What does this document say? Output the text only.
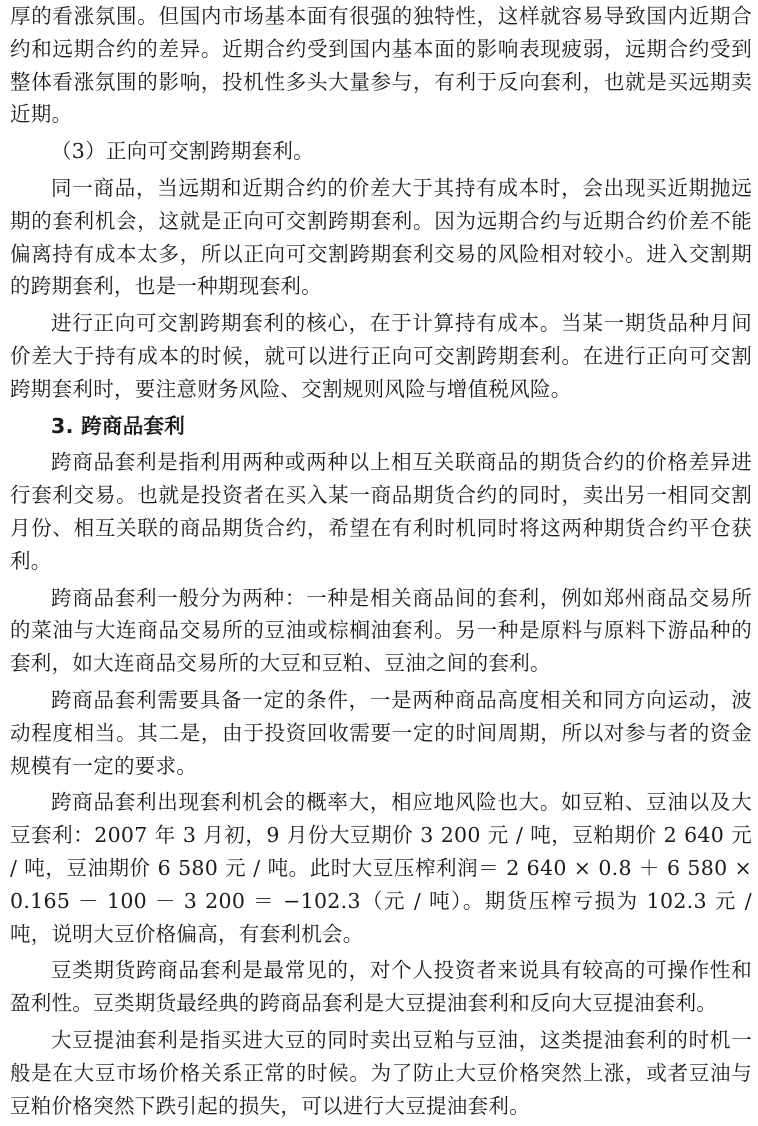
厚的看涨氛围。但国内市场基本面有很强的独特性，这样就容易导致国内近期合约和远期合约的差异。近期合约受到国内基本面的影响表现疲弱，远期合约受到整体看涨氛围的影响，投机性多头大量参与，有利于反向套利，也就是买远期卖近期。

（3）正向可交割跨期套利。

同一商品，当远期和近期合约的价差大于其持有成本时，会出现买近期抛远期的套利机会，这就是正向可交割跨期套利。因为远期合约与近期合约价差不能偏离持有成本太多，所以正向可交割跨期套利交易的风险相对较小。进入交割期的跨期套利，也是一种期现套利。

进行正向可交割跨期套利的核心，在于计算持有成本。当某一期货品种月间价差大于持有成本的时候，就可以进行正向可交割跨期套利。在进行正向可交割跨期套利时，要注意财务风险、交割规则风险与增值税风险。

3. 跨商品套利

跨商品套利是指利用两种或两种以上相互关联商品的期货合约的价格差异进行套利交易。也就是投资者在买入某一商品期货合约的同时，卖出另一相同交割月份、相互关联的商品期货合约，希望在有利时机同时将这两种期货合约平仓获利。

跨商品套利一般分为两种：一种是相关商品间的套利，例如郑州商品交易所的菜油与大连商品交易所的豆油或棕榈油套利。另一种是原料与原料下游品种的套利，如大连商品交易所的大豆和豆粕、豆油之间的套利。

跨商品套利需要具备一定的条件，一是两种商品高度相关和同方向运动，波动程度相当。其二是，由于投资回收需要一定的时间周期，所以对参与者的资金规模有一定的要求。

跨商品套利出现套利机会的概率大，相应地风险也大。如豆粕、豆油以及大豆套利：2007 年 3 月初，9 月份大豆期价 3 200 元 / 吨，豆粕期价 2 640 元 / 吨，豆油期价 6 580 元 / 吨。此时大豆压榨利润＝ 2 640 × 0.8 ＋ 6 580 × 0.165 － 100 － 3 200 ＝ −102.3（元 / 吨）。期货压榨亏损为 102.3 元 / 吨，说明大豆价格偏高，有套利机会。

豆类期货跨商品套利是最常见的，对个人投资者来说具有较高的可操作性和盈利性。豆类期货最经典的跨商品套利是大豆提油套利和反向大豆提油套利。

大豆提油套利是指买进大豆的同时卖出豆粕与豆油，这类提油套利的时机一般是在大豆市场价格关系正常的时候。为了防止大豆价格突然上涨，或者豆油与豆粕价格突然下跌引起的损失，可以进行大豆提油套利。
